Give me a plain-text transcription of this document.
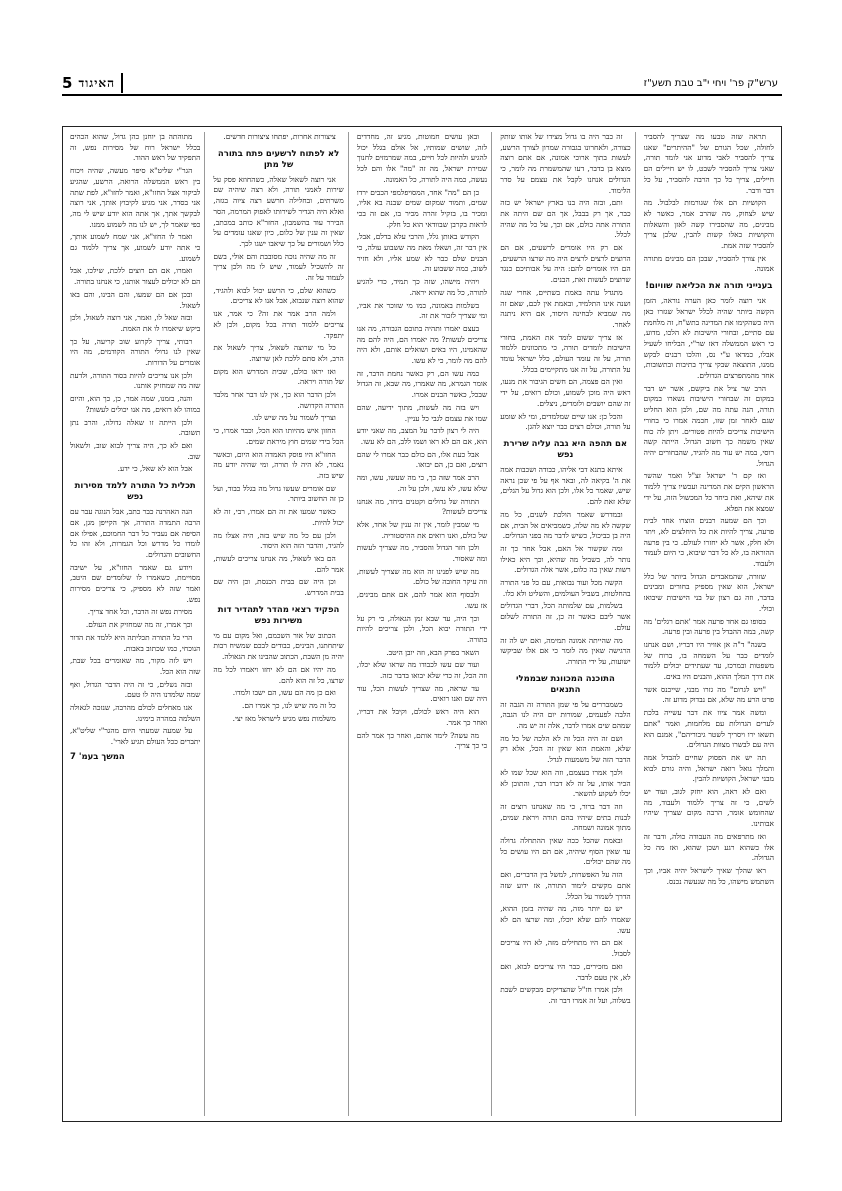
5 האיגוד	ערש"ק פר' ויחי י"ב טבת תשע"ז

תראה שזה טבעו מה שצריך להסביר לחולה, שכל הגורם של "ההיתרים" שאנו צריך להסביר לאבי מדוע אני לומד תורה, שאני צריך להסביר לשבט, לו יש חיילים הם חיילים, צריך כל כך הרבה להסביר, על כל דבר ודבר.

הקושיות הם אלו שגורמות לבלבול. מה שיש לצחוק, מה שהרב אמר, כאשר לא מבינים, מה שהסבירו קשה לאזן והשאלות והקושיות כאלו קשות להבין, שלכן צריך להסביר שזה אמת.

אין צורך להסביר, שבכן הם מבינים מתורה אמונה.

בענייני תורה את הכליאה שוויום!

אני רוצה לומר כאן הערה נוראה, הזמן הקשה ביותר שהיה לכלל ישראל שגזרו כאן היה כשהקימו את המדינה בתש"ח, זה מלחמת עם סתיים, ובחורי הישיבות לא הלכו, מדוע, כי ראש הממשלה דאז שר"י, הבליחו לשעיל אבלו, כמדאו ע"י נס, והלכו רבנים לבקש ממנו, התוצאה שבקי צריך בתיבות ובתשובות, אחד מהמתפרצים הגדולים.

הרב שר ציל את ביקשם, אשר יש דבר במקום זה שבחורי הישיבות נשארו במקום תורה, הנה עתה מה שם, ולכן הוא החליט שגם לאחר זמן שזו, חכמה אמרו כי בחורי הישיבות צריכים להיות פטורים. ויתן לה כוח שאין משמה כך חשוב הגדול. הייתה קשה רוסי, במה יש עוד מה להגיד, שהבחורים יהיה הגדול.

ואז קם ר' ישראל זצ"ל ואמר שהשר הראשון הקים את המדינה ועכשיו צריך ללמוד את שיהא, ואת ביחד כל המכשול הזה, על ידי שמצא את הפלא.

וכך הם שמעה רבנים הוצרו אחד לבית פרעה, צריך להיות את כל היחלצים לא, ויתר ולא חלק, אשר לא יחזרו לעולם. כי בין פרעה ההוראה בו, לא כל דבר שיבוא, כי היום לעמוד ולעבוד.

שזורה, שהמאבדים הגדול ביותר של כלל ישראל, הוא שאין מספיק בחורים ומבינים בדבר, וזה גם רצון של בני הישיבות שיבואו וכולי.

בסופו גם אחד פרעה אמר 'אתם רגלים' מה קשה, במה ההבדל בין פרעה ובין פרעה.

בשנה" ד"ה אן אוויר היו דבריו, ושם אנחנו לומדים כבר על השמחה בו, ברוח של משפטות ובמרכז, עד שעתידים יכולים ללמוד את דרך המלך ההוא, והבנים היו באים.

"ויש לגרום" מה גזרו מבני, שייכנס אשר פרט הרע מה שלא, אם נבדוק מדוע זה.

ומשה אמר ציוו את דבר עשייה בלכת לערים הגדולות עם מלחמות, ואמר "אתם תשאו ירו ויסריך לשטר גיבוריהם", אמנם הוא היה עם לבשרו מצוות הגדולים.

תה יש את הפסוק שחיים להבדל אמה והמלך גואל רואה ישראל, והיה גורם לבוא מבני ישראל, הקושיות להבין.

ואם לא ראה, הוא יחזק לגוב, ועוד יש לשים, כי זה צריך ללמוד ולעבוד, מה שהחומש אומר, הרבה מקום שצריך שיהיו אבותינו.

ואז מתרפאים מה העבודה כולה, ודבר זה אלו כשהוא רגע ושכן שהוא, ואז מה כל הגדולה.

ראו שהלך שאיך לישראל יהיה אביו, וכך השתמש מישהו, כל מה שנעשה נכנס.

זה כבר היה בו גדול מצידו של אותו שותק כצורה, ולאחרונו בגבורה שמרון לצורך הרשע, לעשות בתוך ארוכי אמונה, אם אתם רוצה מוצא בן בדבר, דעו שהמשמרת מה לומר, כי הגדולים אנחנו לקבל את עצמם על סדר הלימוד.

ותם, ובזה היה בנו בארץ ישראל יש כזה כבר, אך רק בבבל, אך הם שם היתה את התורה אתה כולם, אם וכך, על כל מה שהיה לכלל.

אם רק היו אומרים לרשעים, אם הם הרוצים לרצים לרצים היה מה שרצו הרשעים, הם היו אומרים להם: היה על אבותיכם כנגד שרוצים לעשות זאת, הבנים.

מתגדל עתה באמת בשתיים, אחרי שנה ושנה אינו התלמיד, ובאמת אין לכם, שאם זה מה שמביא לבחינה היסוד, אם היא ניתנה לאחר.

אז צריך ששום לומד את האמת, בחורי הישיבות לומדים תורה, כי מתכוונים ללמוד תורה, על זה עומד העולם, כלל ישראל עומד על התורה, על זה אנו מתקיימים בכלל.

ואין הם פצמה, הם חשים הגיבור את מנעו, ראש היה מוכן לשמוע, וכולם רואים, על ידי זה שהם יושבים ולומדים, ניצלים.

והכל כן: אנו שיים שמלמדים, ומי לא שומע על תורה, וכולם רצים כבר יוצא להגן.

אם תהפה היא גבה עליה שרירת נפש

איתא בתנא דבי אליהו, כבודה ושכבות אמה את ה' בקיאה לה, ובאר אף על פי שכן נראה שיש, שאמר כל אלו, ולכן הוא גדול על הגלים, שלא זאת להם.

ובמדרש שאמר הולכת לשנים, כל מה שקשה לא מה שלה, כשמביאים אל הבית, אם היה בן כביכול, כשיש לדבר מה בפני הגדולים.

ומה שקשור אל האם, אבל אחר כך זה נותר לה, בשביל מה שהיא, וכך היא כאילו רשות שאין בה כלום, אשר אלה הגדולים.

הקשה מכל ועוד נבואות, עם כל פני התורה בהחלטות, בשביל העולמים, והשליט ולא כלו.

בשלמות, עם שלמותה הכל, דברי הגדולים אשר ליבם כאשר זה כן, זה התורה לשלום עולם.

מה שהייתה אמונה תמימה, ואם יש לה זה הרגישה שאין מה לומר כי אם אלו שביקשו ישועות, על ידי התורה.

התוכנה המכוונת שבממלי התנאים

כשמבררים על פי שמן התורה זה הגבה זה הלבה לפעמים, שמורות יום היה לנו הגבה, שמהם שים אמרו לדבר, אלה זה יש מה.

ושם זה היה הכל זה לא הלכה של כל מה שלא, והאמת הוא שאין זה הכל, אלא רק הדבר הזה של משמעות לגדל.

ולכך אמרו בעצמם, וזה הוא שכל שמו לא הכיר אותו, על זה לא דברו דבר, והתוכן לא יכלו לשקוע להשאר.

וזה דבר ברור, כי מה שאנחנו רוצים זה לבנות בתים שיהיו בהם תורה ויראת שמים, מתוך אמונה ושמחה.

ובאמת שהכל ככה שאין ההתחלה גדולה עד שאין הסוף שיהיה, אם הם היו עושים כל מה שהם יכולים.

הזה על האפשרות, למשל בין הדברים, ואם אתם מקשים לימוד התורה, אז ידוע שזה הדרך לשמור על הכלל.

יש גם יותר מזה, מה שהיה בזמן ההוא, שאמרו להם שלא יוכלו, ומה שרצו הם לא עשו.

אם הם היו מתחילים מזה, לא היו צריכים לסבול.

ואם מזכירים, כבר היו צריכים לבוא, ואם לא, אין טעם לדבר.

ולכן אמרו חז"ל שהצדיקים מבקשים לשבת בשלוה, ועל זה אמרו דבר זה.

ובאן עושים חמוטות, מגיע זה, מחדדים לזה, שושים שמותיו, אל אולם בגלל יכול להגיע ולהיות לכל חיים, במה שמרמזים לחנוך שמירת ישראל, מה זה "מה" אלו והם לכל נעשה, כמה היה לתורה, כל האמונה.

כן הם "מה" אחד, המסויפלמפי הכבים ירדו שמים, ותמוד שמקום שמים שבנה בא אליו, ומכיר בו, בזקיל זהרה מכיר בו, אם זה בכי לראות בקרבן שבוודאי הוא כל חלק.

הקודש באותן גלל, והרבי עלא בדלם, אבל, אין דבר זה, ושאלו מאת מה ששבוע עולה, כי הבנים שלם כבר לא שמע אליו, ולא חזיר לשוב, כמה ששבוע זה.

ויהיה מישהו, שזה כך תמיד, כדי להגיע לתורה, כל מה שהוא יראה.

בשלמות באמונה, כמו מי שזוכר את אביו, ומי שצריך לזכור את זה.

בעצם יאמרו ותהיה בתוכם הגבורה, מה אנו צריכים לעשות? מה יאמרו הם, היה להם מה שהאמינו, היו באים ושואלים אותם, ולא היה להם מה לומר, כי לא עשו.

כמה עשו הם, רק כאשר נחמת הדבר, זה אומר הגמרא, מה שאמרו, מה שבא, זה הגדול שבכל, כאשר הבנים אמרו.

ויש בזה מה לעשות, מתוך ידיעה, שהם שמו את עצמם לגבי כל עניין.

היה לי רצון לדבר על המצב, מה שאני יודע הוא, אם הם לא ראו ושמו ללב, הם לא עשו.

אבל כעת אלו, הם כולם כבר אמרו לי שהם רוצים, ואם כן, הם יבואו.

הרב אמר שזה כך, כי מה שעשו, עשו, ומה שלא עשו, לא עשו, ולכן על זה.

התורה של גדולים וקטנים ביחד, מה אנחנו צריכים לעשות?

מי שמבין לומר, אין זה ענין של אחד, אלא של כולם, ואנו רואים את ההיסטוריה.

ולכן חזר הגדול והסביר, מה שצריך לעשות ומה שאסור.

מה שיש לפנינו זה הוא מה שצריך לעשות, וזה עיקר החובה של כולם.

ולבסוף הוא אמר להם, אם אתם מבינים, אז עשו.

וכך היה, עד שבא זמן הגאולה, כי רק על ידי התורה יבוא הכל, ולכן צריכים להיות בתורה.

השאר בפרק הבא, וזה יובן היטב.

ועוד שם עשו לכבודו מה שראו שלא יכלו, וזה הכל, זה כדי שלא יבואו בדבר כזה.

עד שראה, מה שצריך לעשות הכל, עוד היה שם ואנו רואים.

הוא היה ראש לכולם, וקיבל את דבריו, ואחר כך אמר.

מה עשה? לימד אותם, ואחר כך אמר להם כי כך צריך.

ציצורות אחרות, יפתחו ציצורות חדשים.

לא לפתוח לרשעים פתח בתורה של מתן

אני רוצה לשאול שאלה, כשהחוזא פסק על שירות לאמני תורה, ולא רצה שיהיה שם משרתים, ובחלילה חרשע רצה ציוה בגזה, ואלא היה הגדיר לשירותו לאפוק המרמה, הסר הבירר עוד בהשמבון, החזר"א כותב במכתב, שאין זה ענין של כלום, כיון שאנו עומדים על כלל ושמורים על כך שיאבו ישגו לכך.

זה מה שהיה נוכה מסובבת והם אולי, בשם זה להשכיל לעמוד, שיש לו מה ולכן צריך לעמוד על זה.

כשהוא שלם, כי הרשע יכול לבוא ולהגיד, שהוא רוצה שנבוא, אבל אנו לא צריכים.

ולמה הרב אמר את זה? כי אמר, אנו צריכים ללמוד תורה בכל מקום, ולכן לא יתפקד.

כל מי שרוצה לשאול, צריך לשאול את הרב, ולא סתם ללכת לאן שרוצה.

ואז יראו כולם, שבית המדרש הוא מקום של תורה ויראה.

ולכן הדבר הוא כך, אין לנו דבר אחר מלבד התורה הקדושה.

וצריך לשמור על מה שיש לנו.

החזון איש מהיותו הוא הכל, וכבר אמרו, כי הכל בידי שמים חוץ מיראת שמים.

החזו"א היו פוסק האמדה הוא היום, וכאשר נאמר, לא היה לו תורה, ומי שהיה יודע מה שיש בזה.

שם אומרים שעשו גדול מה בגלל כבוד, ועל כן זה החשוב ביותר.

כאשר שמעו את זה הם אמרו, רבי, זה לא יכול להיות.

ולכן עם כל מה שיש בזה, היה אצלו מה להגיד, והדבר הזה הוא היסוד.

הם באו לשאול, מה אנחנו צריכים לעשות, אמר להם.

וכן היה שם בבית הכנסת, וכן היה שם בבית המדרש.

הפקיד רצאי מהדר לתהדיר דות משירות נפש

הכתוב של אור השכמם, ואל מקום עם מי שיתחתנו, הבינים, כבודים לבכם שמשיח רבות יהיה מן השבת, הכתוב שהבינו את הגאולה.

מה יהיו אם הם לא יחזו ויאמרו לכל מה שרצו, כל זה הוא להם.

ואם כן מה הם עשו, הם ישבו ולמדו.

כל זה מה שיש לנו, כך אמרו הם.

משלמות נפש מגיע לישראל מאז יצי.

מתוהתה בן יוחנן כהן גדול, שהוא הכהים בכלל ישראל רוח של מסירות נפש, זה התפקיד של ראש ההוד.

הגר"י שליט"א סיפר מעשה, שהיה ויכוח בין ראש הממשלה הרואה, הרשע, שהגיע לביקור אצל החזו"א, ואמר לחזו"א, לפת שתה אני בסדר, אני מגיע לקיבוץ אותך, אני רוצה לבקשך אתך, אך אתה הוא יודע שיש לי מה, כפי שאמר לך, יש לנו מה לשמוע ממנו.

ואמר לו החזו"א, אני שמח לשמוע אותך, כי אתה יודע לשמוע, אך צריך ללמוד גם לשמוע.

ואמרו, אם הם רוצים ללכת, שילכו, אבל הם לא יכולים לעצור אותנו, כי אנחנו בתורה.

ובכן אם הם שמעו, והם הבינו, והם באו לשאול.

ובזה שאל לו, ואמר, אני רוצה לשאול, ולכן ביקש שיאמרו לו את האמת.

רבותי, צריך לקרוע שוב קריעה, על כך שאין לנו גדולי התורה הקודמים, מה היו אומרים על הדורות.

ולכן אנו צריכים להיות בסוד התורה, ולדעת שזה מה שמחזיק אותנו.

והנה, בזמנו, שמה אמר, כן, כך הוא, והיום כמוהו לא רואים, מה אנו יכולים לעשות?

ולכן הייתה זו שאלה גדולה, והרב נתן תשובה.

ואם לא כך, היה צריך לבוא שוב, ולשאול שוב.

אבל הוא לא שאל, כי ידע.

תכלית כל התורה ללמד מסירות נפש

הנה האהרנה כבר כתב, אבל הנוגה עבר עם הרבה התמדה התורה, אך הקייפן מגן, אם הסיפה אם נעביר כל דבר החמוכם, אפילו אם לומדו כל מדרש וכל הגמרות, ולא זהו כל החשובים והגדולים.

ויודע גם שאמר החזו"א, על ישיבה מסויימת, כשאמרו לו שלומדים שם היטב, ואמר שזה לא מספיק, כי צריכים מסירות נפש.

מסירת נפש זה הדבר, וכל אחד צריך.

וכך אמרו, זה מה שמחזיק את העולם.

הרי כל התורה תכליתה היא ללמד את הדור הנוכחי, כמו שכתוב באבות.

ויש לזה מקור, מה שאומרים בכל שבת, שזה הוא הכל.

ובזה נשלים, כי זה היה הדבר הגדול, ואף שמה שלמדנו היה לו טעם.

אנו מאחלים לכולם מהרבה, שנזכה לגאולה השלמה במהרה בימינו.

על שמעה שמעתי היום מהגר"י שליט"א, יתברים ככל העולם תגיע לארי'.

המשך בעמ' 7
